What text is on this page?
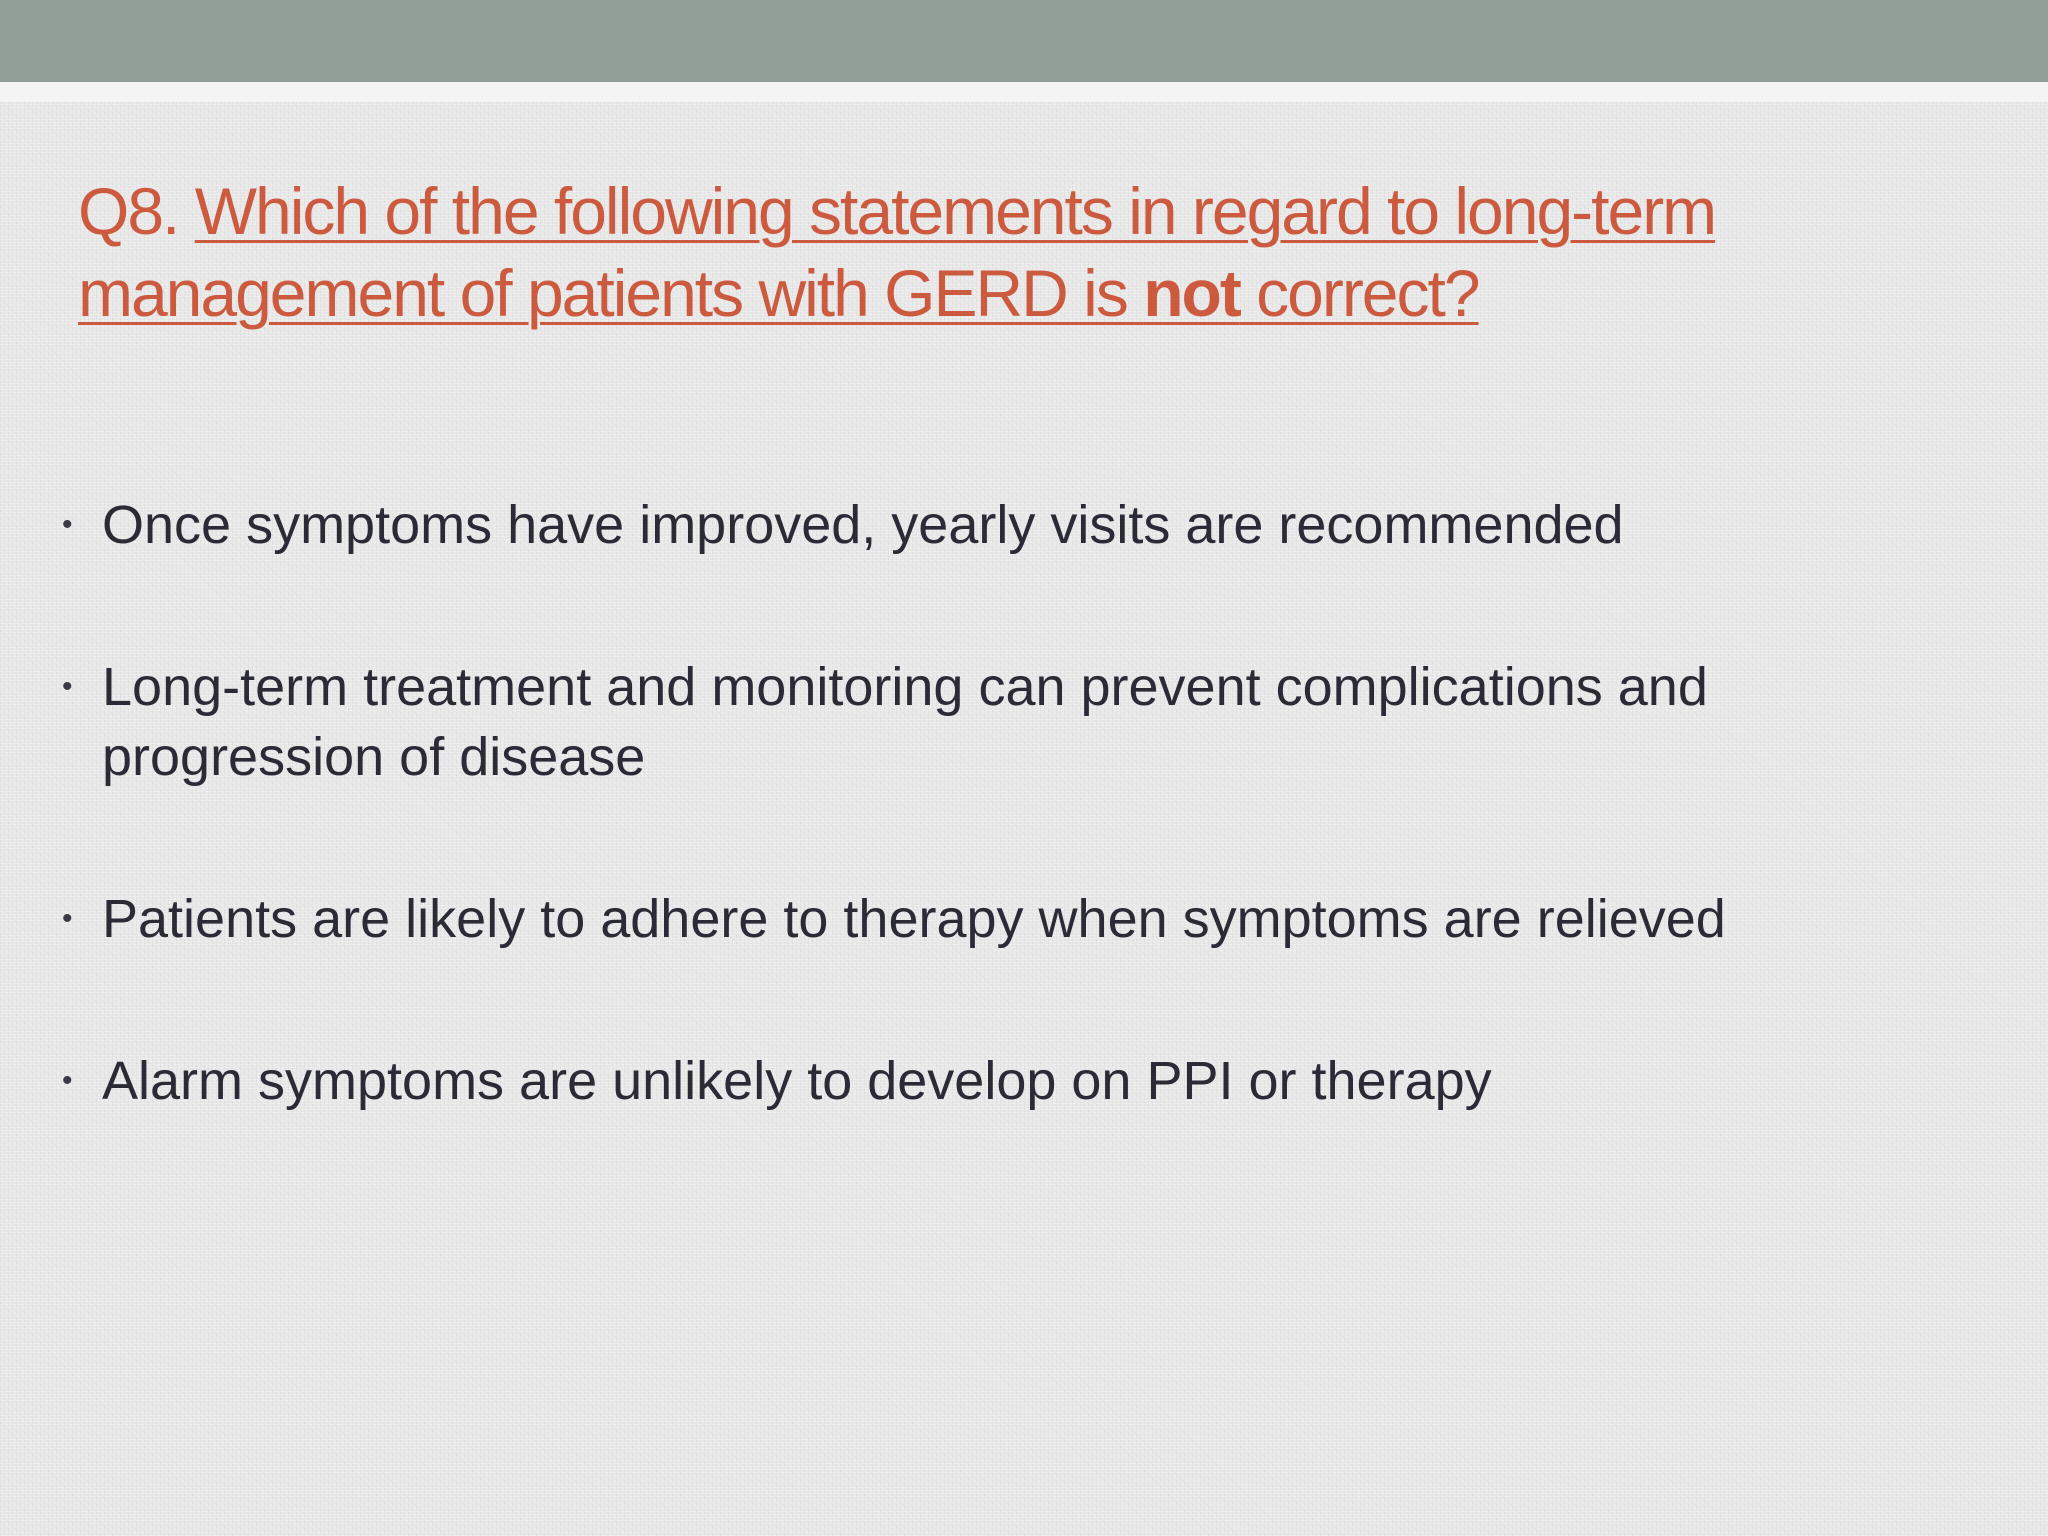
Q8. Which of the following statements in regard to long-term management of patients with GERD is not correct?
• Once symptoms have improved, yearly visits are recommended
• Long-term treatment and monitoring can prevent complications and progression of disease
• Patients are likely to adhere to therapy when symptoms are relieved
• Alarm symptoms are unlikely to develop on PPI or therapy
